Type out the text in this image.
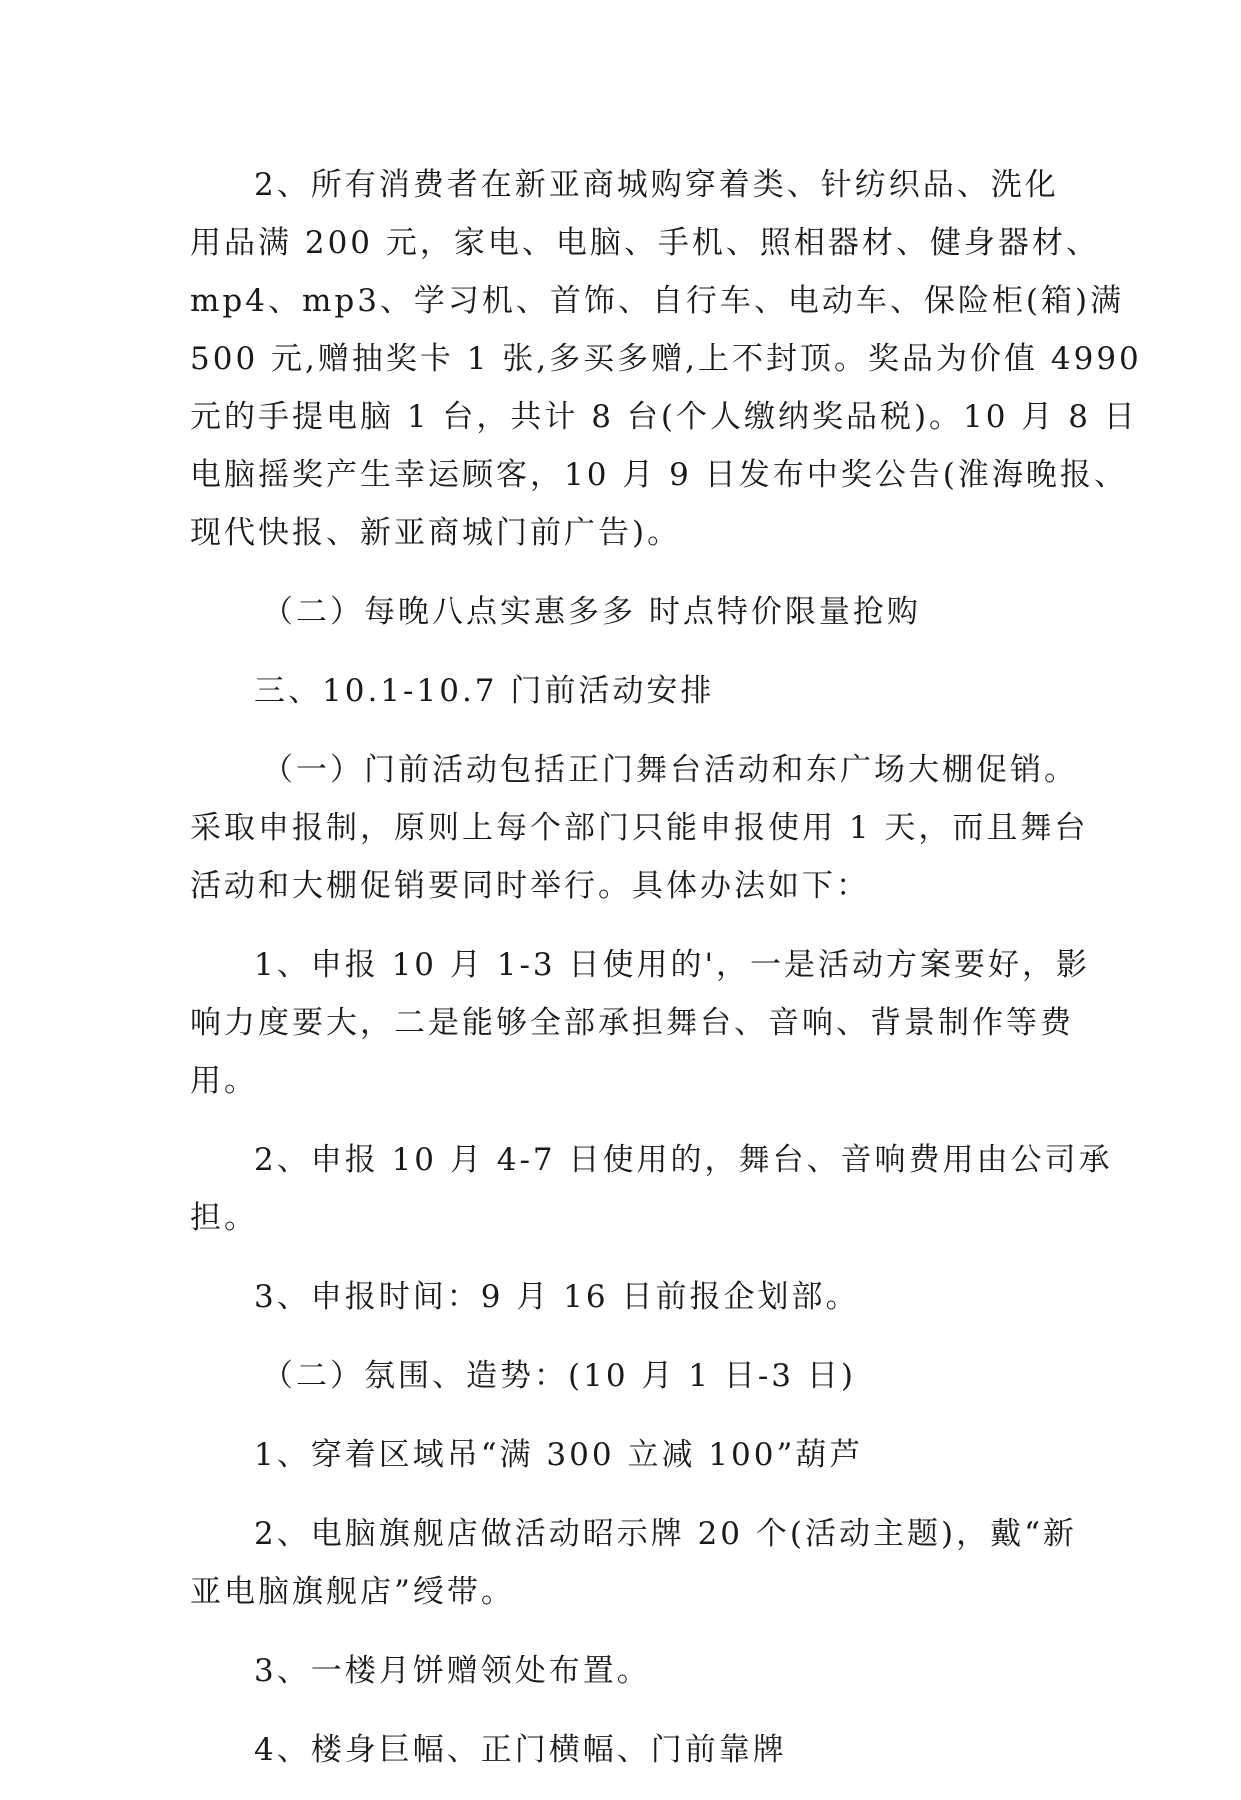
2、所有消费者在新亚商城购穿着类、针纺织品、洗化
用品满 200 元，家电、电脑、手机、照相器材、健身器材、
mp4、mp3、学习机、首饰、自行车、电动车、保险柜(箱)满
500 元,赠抽奖卡 1 张,多买多赠,上不封顶。奖品为价值 4990
元的手提电脑 1 台，共计 8 台(个人缴纳奖品税)。10 月 8 日
电脑摇奖产生幸运顾客，10 月 9 日发布中奖公告(淮海晚报、
现代快报、新亚商城门前广告)。
（二）每晚八点实惠多多 时点特价限量抢购
三、10.1-10.7 门前活动安排
（一）门前活动包括正门舞台活动和东广场大棚促销。
采取申报制，原则上每个部门只能申报使用 1 天，而且舞台
活动和大棚促销要同时举行。具体办法如下：
1、申报 10 月 1-3 日使用的'，一是活动方案要好，影
响力度要大，二是能够全部承担舞台、音响、背景制作等费
用。
2、申报 10 月 4-7 日使用的，舞台、音响费用由公司承
担。
3、申报时间：9 月 16 日前报企划部。
（二）氛围、造势：(10 月 1 日-3 日)
1、穿着区域吊“满 300 立减 100”葫芦
2、电脑旗舰店做活动昭示牌 20 个(活动主题)，戴“新
亚电脑旗舰店”绶带。
3、一楼月饼赠领处布置。
4、楼身巨幅、正门横幅、门前靠牌
